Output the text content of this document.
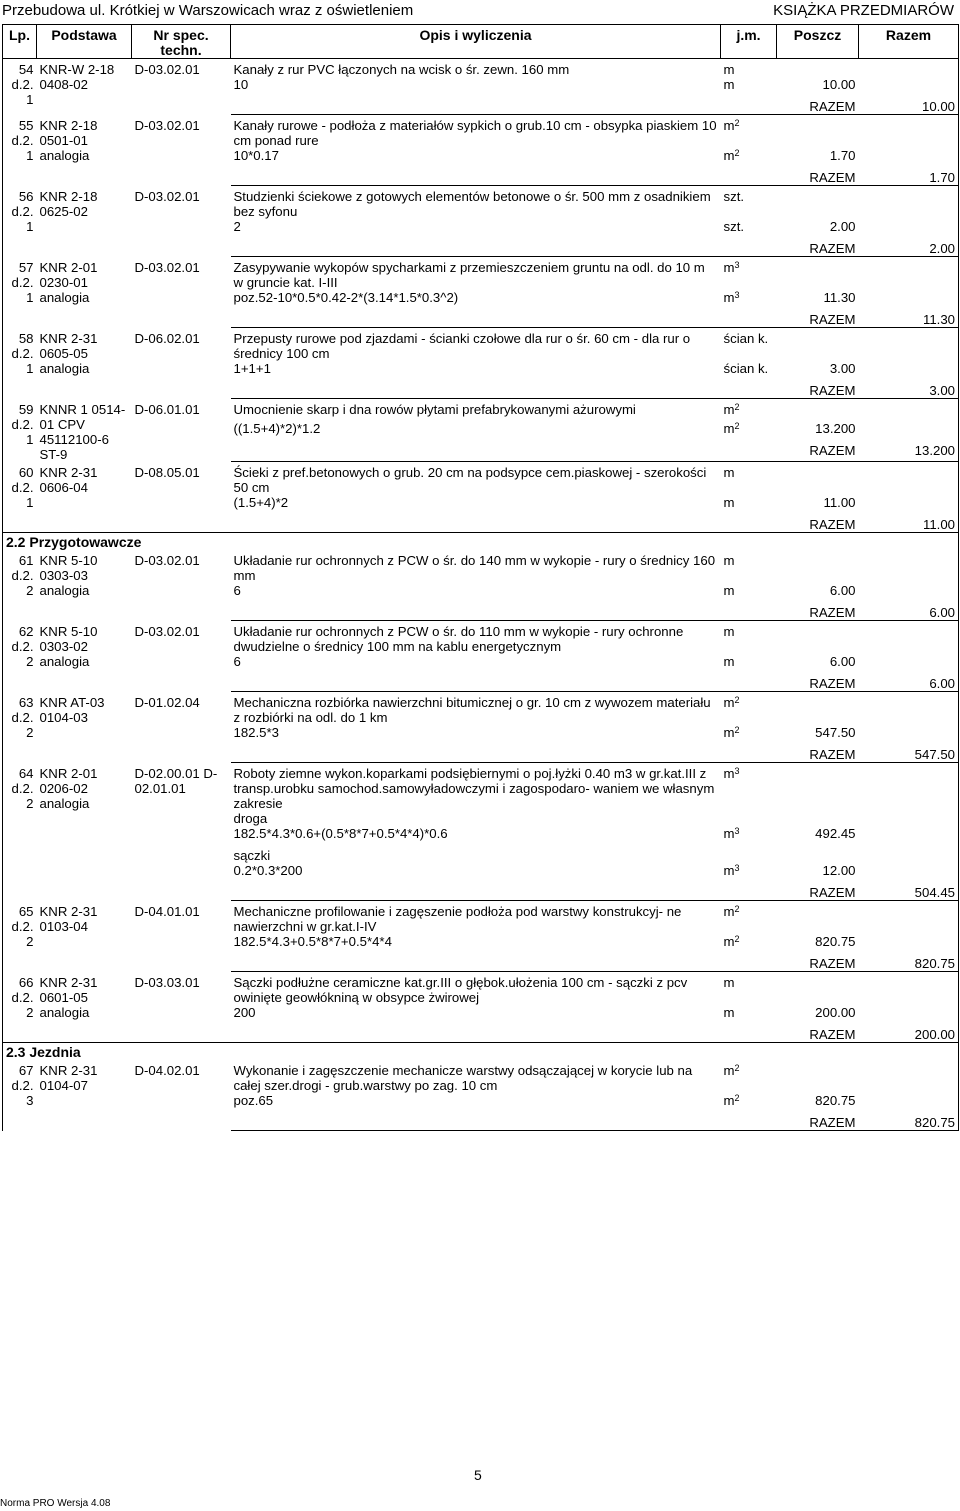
Przebudowa ul. Krótkiej w Warszowicach wraz z oświetleniem	KSIĄŻKA PRZEDMIARÓW
Lp.	Podstawa	Nr spec. techn.	Opis i wyliczenia	j.m.	Poszcz	Razem
54 d.2. 1	KNR-W 2-18 0408-02	D-03.02.01	Kanały z rur PVC łączonych na wcisk o śr. zewn. 160 mm	m		
			10	m	10.00	
					RAZEM	10.00
55 d.2. 1	KNR 2-18 0501-01 analogia	D-03.02.01	Kanały rurowe - podłoża z materiałów sypkich o grub.10 cm - obsypka piaskiem 10 cm ponad rure	$m^2$		
			10*0.17	$m^2$	1.70	
					RAZEM	1.70
56 d.2. 1	KNR 2-18 0625-02	D-03.02.01	Studzienki ściekowe z gotowych elementów betonowe o śr. 500 mm z osadnikiem bez syfonu	szt.		
			2	szt.	2.00	
					RAZEM	2.00
57 d.2. 1	KNR 2-01 0230-01 analogia	D-03.02.01	Zasypywanie wykopów spycharkami z przemieszczeniem gruntu na odl. do 10 m w gruncie kat. I-III	$m^3$		
			poz.52-10*0.5*0.42-2*(3.14*1.5*0.3^2)	$m^3$	11.30	
					RAZEM	11.30
58 d.2. 1	KNR 2-31 0605-05 analogia	D-06.02.01	Przepusty rurowe pod zjazdami - ścianki czołowe dla rur o śr. 60 cm - dla rur o średnicy 100 cm	ścian k.		
			1+1+1	ścian k.	3.00	
					RAZEM	3.00
59 d.2. 1	KNNR 1 0514-01 CPV 45112100-6 ST-9	D-06.01.01	Umocnienie skarp i dna rowów płytami prefabrykowanymi ażurowymi	$m^2$		
			((1.5+4)*2)*1.2	$m^2$	13.200	
					RAZEM	13.200
60 d.2. 1	KNR 2-31 0606-04	D-08.05.01	Ścieki z pref.betonowych o grub. 20 cm na podsypce cem.piaskowej - szerokości 50 cm	m		
			(1.5+4)*2	m	11.00	
					RAZEM	11.00
2.2 Przygotowawcze						
61 d.2. 2	KNR 5-10 0303-03 analogia	D-03.02.01	Układanie rur ochronnych z PCW o śr. do 140 mm w wykopie - rury o średnicy 160 mm	m		
			6	m	6.00	
					RAZEM	6.00
62 d.2. 2	KNR 5-10 0303-02 analogia	D-03.02.01	Układanie rur ochronnych z PCW o śr. do 110 mm w wykopie - rury ochronne dwudzielne o średnicy 100 mm na kablu energetycznym	m		
			6	m	6.00	
					RAZEM	6.00
63 d.2. 2	KNR AT-03 0104-03	D-01.02.04	Mechaniczna rozbiórka nawierzchni bitumicznej o gr. 10 cm z wywozem materiału z rozbiórki na odl. do 1 km	$m^2$		
			182.5*3	$m^2$	547.50	
					RAZEM	547.50
64 d.2. 2	KNR 2-01 0206-02 analogia	D-02.00.01 D-02.01.01	Roboty ziemne wykon.koparkami podsiębiernymi o poj.łyżki 0.40 m3 w gr.kat.III z transp.urobku samochod.samowyładowczymi i zagospodaro- waniem we własnym zakresie	$m^3$		
			droga			
			182.5*4.3*0.6+(0.5*8*7+0.5*4*4)*0.6	$m^3$	492.45	
			sączki			
			0.2*0.3*200	$m^3$	12.00	
					RAZEM	504.45
65 d.2. 2	KNR 2-31 0103-04	D-04.01.01	Mechaniczne profilowanie i zagęszenie podłoża pod warstwy konstrukcyj- ne nawierzchni w gr.kat.I-IV	$m^2$		
			182.5*4.3+0.5*8*7+0.5*4*4	$m^2$	820.75	
					RAZEM	820.75
66 d.2. 2	KNR 2-31 0601-05 analogia	D-03.03.01	Sączki podłużne ceramiczne kat.gr.III o głębok.ułożenia 100 cm - sączki z pcv owinięte geowłókniną w obsypce żwirowej	m		
			200	m	200.00	
					RAZEM	200.00
2.3 Jezdnia						
67 d.2. 3	KNR 2-31 0104-07	D-04.02.01	Wykonanie i zagęszczenie mechanicze warstwy odsączającej w korycie lub na całej szer.drogi - grub.warstwy po zag. 10 cm	$m^2$		
			poz.65	$m^2$	820.75	
					RAZEM	820.75
5
Norma PRO Wersja 4.08
